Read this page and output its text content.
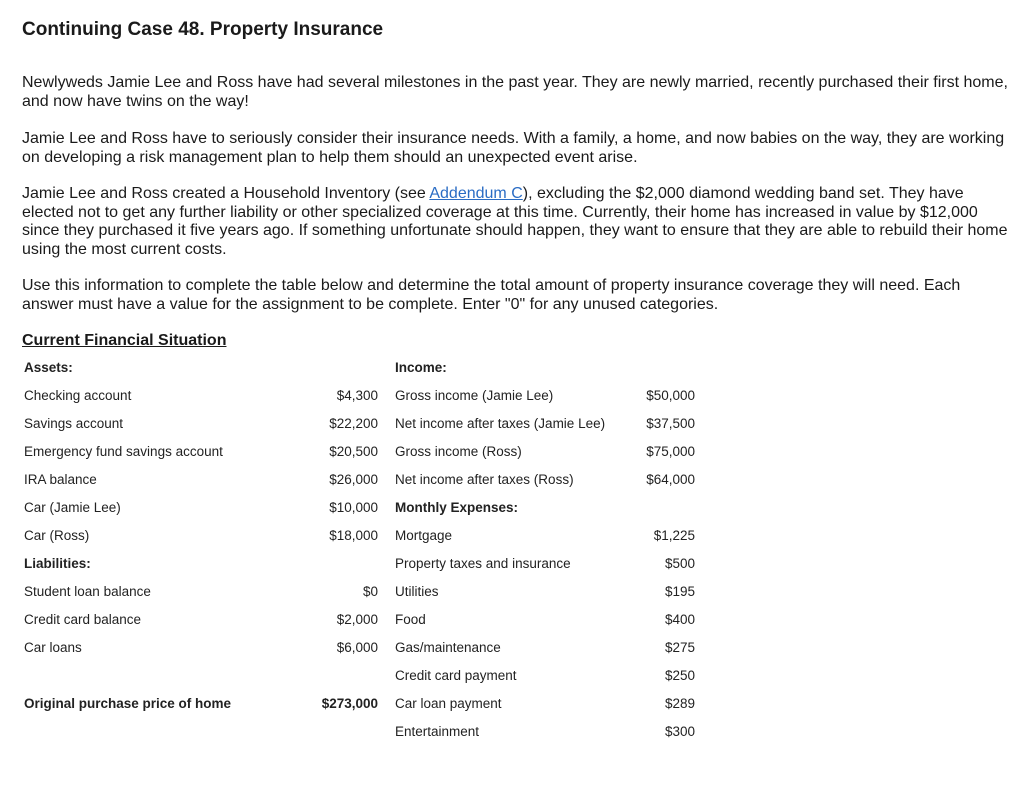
Continuing Case 48. Property Insurance
Newlyweds Jamie Lee and Ross have had several milestones in the past year. They are newly married, recently purchased their first home, and now have twins on the way!
Jamie Lee and Ross have to seriously consider their insurance needs. With a family, a home, and now babies on the way, they are working on developing a risk management plan to help them should an unexpected event arise.
Jamie Lee and Ross created a Household Inventory (see Addendum C), excluding the $2,000 diamond wedding band set. They have elected not to get any further liability or other specialized coverage at this time. Currently, their home has increased in value by $12,000 since they purchased it five years ago. If something unfortunate should happen, they want to ensure that they are able to rebuild their home using the most current costs.
Use this information to complete the table below and determine the total amount of property insurance coverage they will need. Each answer must have a value for the assignment to be complete. Enter "0" for any unused categories.
Current Financial Situation
Assets:
Checking account	$4,300
Savings account	$22,200
Emergency fund savings account	$20,500
IRA balance	$26,000
Car (Jamie Lee)	$10,000
Car (Ross)	$18,000
Liabilities:
Student loan balance	$0
Credit card balance	$2,000
Car loans	$6,000
Original purchase price of home	$273,000
Income:
Gross income (Jamie Lee)	$50,000
Net income after taxes (Jamie Lee)	$37,500
Gross income (Ross)	$75,000
Net income after taxes (Ross)	$64,000
Monthly Expenses:
Mortgage	$1,225
Property taxes and insurance	$500
Utilities	$195
Food	$400
Gas/maintenance	$275
Credit card payment	$250
Car loan payment	$289
Entertainment	$300
